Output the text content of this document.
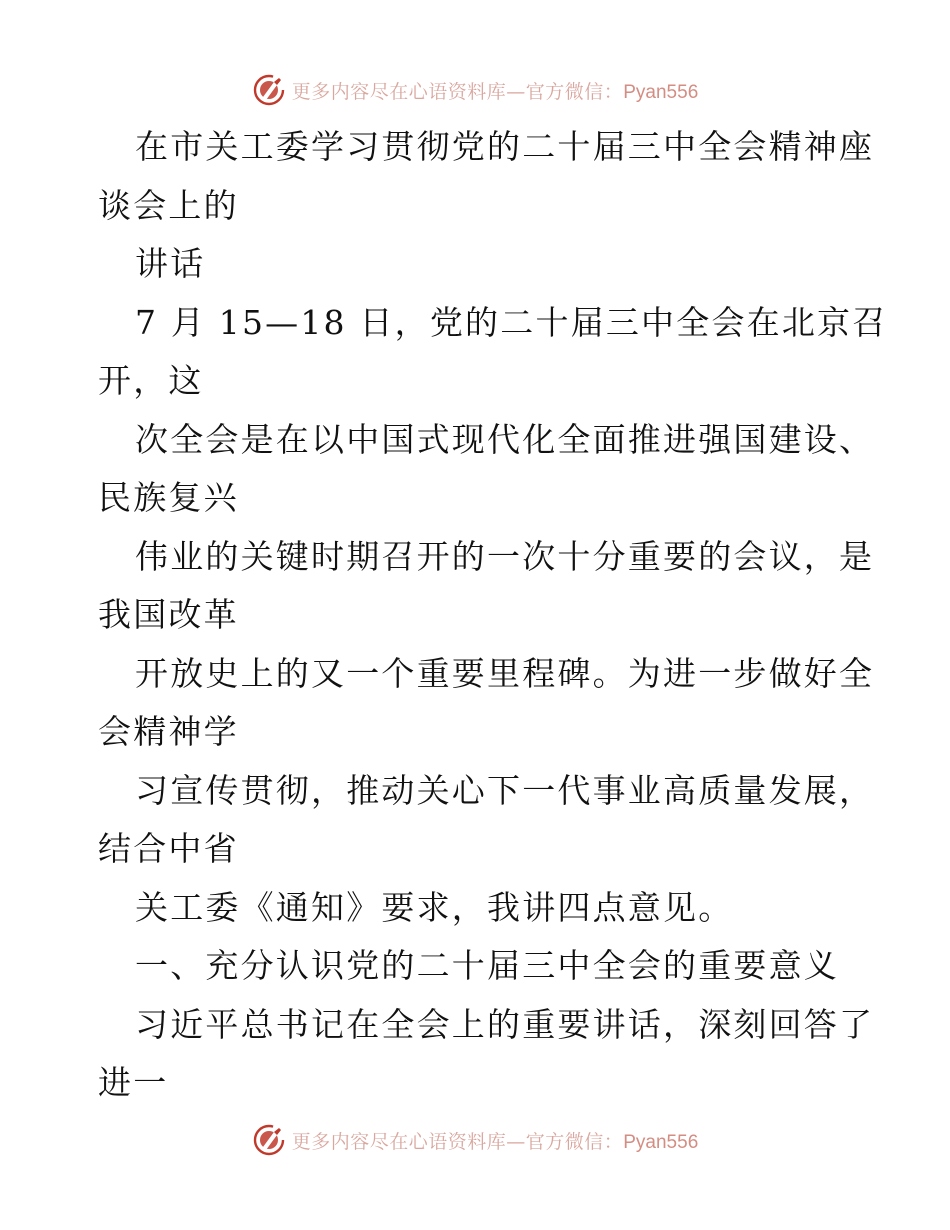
更多内容尽在心语资料库—官方微信：Pyan556
在市关工委学习贯彻党的二十届三中全会精神座
谈会上的
讲话
7 月 15—18 日，党的二十届三中全会在北京召
开，这
次全会是在以中国式现代化全面推进强国建设、
民族复兴
伟业的关键时期召开的一次十分重要的会议，是
我国改革
开放史上的又一个重要里程碑。为进一步做好全
会精神学
习宣传贯彻，推动关心下一代事业高质量发展，
结合中省
关工委《通知》要求，我讲四点意见。
一、充分认识党的二十届三中全会的重要意义
习近平总书记在全会上的重要讲话，深刻回答了
进一
更多内容尽在心语资料库—官方微信：Pyan556
